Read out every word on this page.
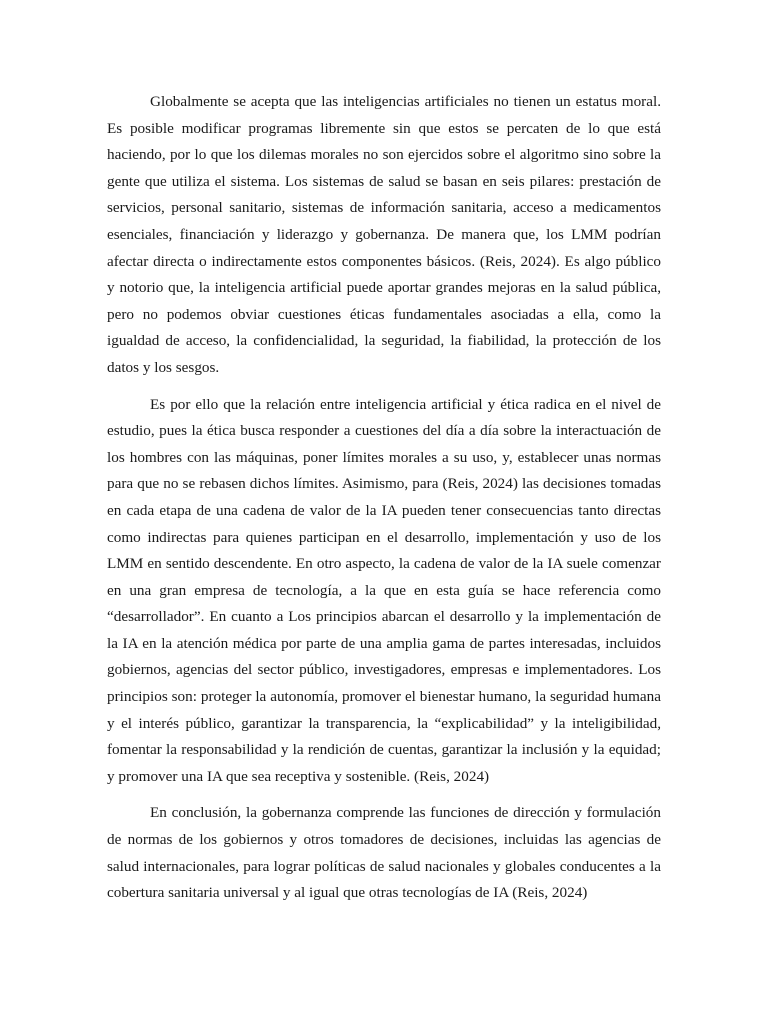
Globalmente se acepta que las inteligencias artificiales no tienen un estatus moral. Es posible modificar programas libremente sin que estos se percaten de lo que está haciendo, por lo que los dilemas morales no son ejercidos sobre el algoritmo sino sobre la gente que utiliza el sistema. Los sistemas de salud se basan en seis pilares: prestación de servicios, personal sanitario, sistemas de información sanitaria, acceso a medicamentos esenciales, financiación y liderazgo y gobernanza. De manera que, los LMM podrían afectar directa o indirectamente estos componentes básicos. (Reis, 2024). Es algo público y notorio que, la inteligencia artificial puede aportar grandes mejoras en la salud pública, pero no podemos obviar cuestiones éticas fundamentales asociadas a ella, como la igualdad de acceso, la confidencialidad, la seguridad, la fiabilidad, la protección de los datos y los sesgos.

Es por ello que la relación entre inteligencia artificial y ética radica en el nivel de estudio, pues la ética busca responder a cuestiones del día a día sobre la interactuación de los hombres con las máquinas, poner límites morales a su uso, y, establecer unas normas para que no se rebasen dichos límites. Asimismo, para (Reis, 2024) las decisiones tomadas en cada etapa de una cadena de valor de la IA pueden tener consecuencias tanto directas como indirectas para quienes participan en el desarrollo, implementación y uso de los LMM en sentido descendente. En otro aspecto, la cadena de valor de la IA suele comenzar en una gran empresa de tecnología, a la que en esta guía se hace referencia como “desarrollador”. En cuanto a Los principios abarcan el desarrollo y la implementación de la IA en la atención médica por parte de una amplia gama de partes interesadas, incluidos gobiernos, agencias del sector público, investigadores, empresas e implementadores. Los principios son: proteger la autonomía, promover el bienestar humano, la seguridad humana y el interés público, garantizar la transparencia, la “explicabilidad” y la inteligibilidad, fomentar la responsabilidad y la rendición de cuentas, garantizar la inclusión y la equidad; y promover una IA que sea receptiva y sostenible. (Reis, 2024)

En conclusión, la gobernanza comprende las funciones de dirección y formulación de normas de los gobiernos y otros tomadores de decisiones, incluidas las agencias de salud internacionales, para lograr políticas de salud nacionales y globales conducentes a la cobertura sanitaria universal y al igual que otras tecnologías de IA (Reis, 2024)
